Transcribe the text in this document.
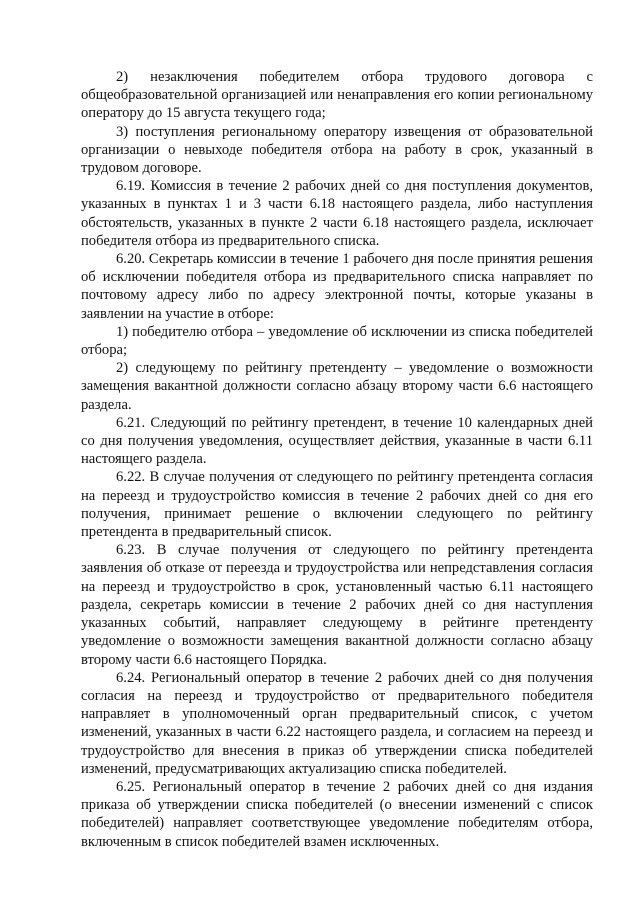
2) незаключения победителем отбора трудового договора с общеобразовательной организацией или ненаправления его копии региональному оператору до 15 августа текущего года;

3) поступления региональному оператору извещения от образовательной организации о невыходе победителя отбора на работу в срок, указанный в трудовом договоре.

6.19. Комиссия в течение 2 рабочих дней со дня поступления документов, указанных в пунктах 1 и 3 части 6.18 настоящего раздела, либо наступления обстоятельств, указанных в пункте 2 части 6.18 настоящего раздела, исключает победителя отбора из предварительного списка.

6.20. Секретарь комиссии в течение 1 рабочего дня после принятия решения об исключении победителя отбора из предварительного списка направляет по почтовому адресу либо по адресу электронной почты, которые указаны в заявлении на участие в отборе:

1) победителю отбора – уведомление об исключении из списка победителей отбора;

2) следующему по рейтингу претенденту – уведомление о возможности замещения вакантной должности согласно абзацу второму части 6.6 настоящего раздела.

6.21. Следующий по рейтингу претендент, в течение 10 календарных дней со дня получения уведомления, осуществляет действия, указанные в части 6.11 настоящего раздела.

6.22. В случае получения от следующего по рейтингу претендента согласия на переезд и трудоустройство комиссия в течение 2 рабочих дней со дня его получения, принимает решение о включении следующего по рейтингу претендента в предварительный список.

6.23. В случае получения от следующего по рейтингу претендента заявления об отказе от переезда и трудоустройства или непредставления согласия на переезд и трудоустройство в срок, установленный частью 6.11 настоящего раздела, секретарь комиссии в течение 2 рабочих дней со дня наступления указанных событий, направляет следующему в рейтинге претенденту уведомление о возможности замещения вакантной должности согласно абзацу второму части 6.6 настоящего Порядка.

6.24. Региональный оператор в течение 2 рабочих дней со дня получения согласия на переезд и трудоустройство от предварительного победителя направляет в уполномоченный орган предварительный список, с учетом изменений, указанных в части 6.22 настоящего раздела, и согласием на переезд и трудоустройство для внесения в приказ об утверждении списка победителей изменений, предусматривающих актуализацию списка победителей.

6.25. Региональный оператор в течение 2 рабочих дней со дня издания приказа об утверждении списка победителей (о внесении изменений с список победителей) направляет соответствующее уведомление победителям отбора, включенным в список победителей взамен исключенных.
